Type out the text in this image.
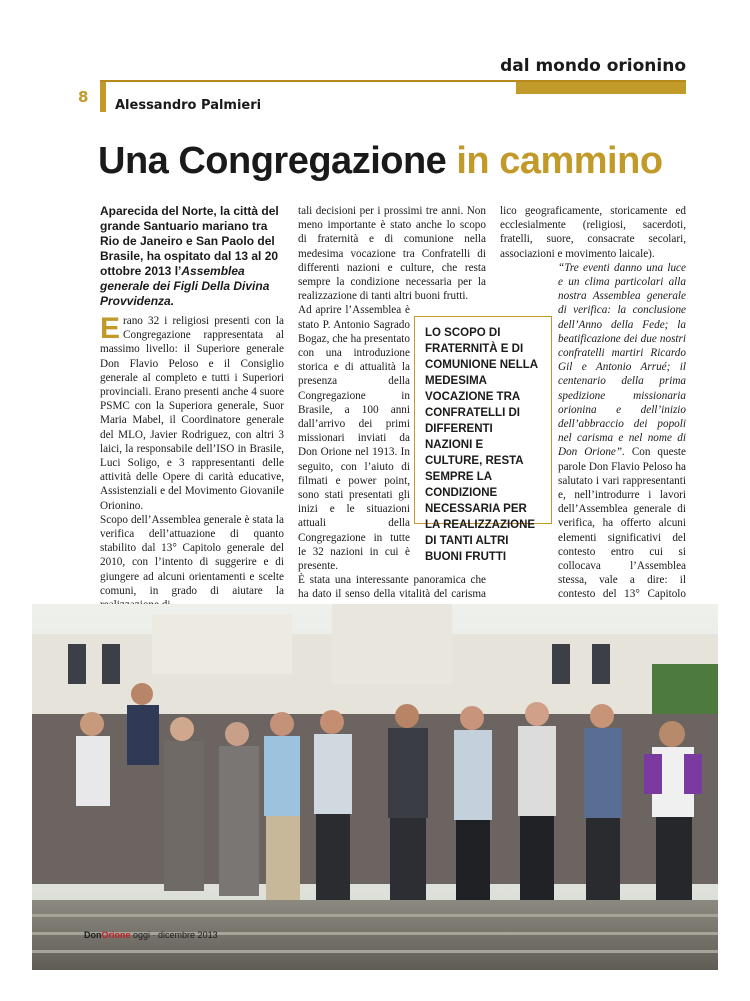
dal mondo orionino
8 Alessandro Palmieri
Una Congregazione in cammino
Aparecida del Norte, la città del grande Santuario mariano tra Rio de Janeiro e San Paolo del Brasile, ha ospitato dal 13 al 20 ottobre 2013 l’Assemblea generale dei Figli Della Divina Provvidenza.

Erano 32 i religiosi presenti con la Congregazione rappresentata al massimo livello: il Superiore generale Don Flavio Peloso e il Consiglio generale al completo e tutti i Superiori provinciali. Erano presenti anche 4 suore PSMC con la Superiora generale, Suor Maria Mabel, il Coordinatore generale del MLO, Javier Rodriguez, con altri 3 laici, la responsabile dell’ISO in Brasile, Luci Soligo, e 3 rappresentanti delle attività delle Opere di carità educative, Assistenziali e del Movimento Giovanile Orionino.

Scopo dell’Assemblea generale è stata la verifica dell’attuazione di quanto stabilito dal 13° Capitolo generale del 2010, con l’intento di suggerire e di giungere ad alcuni orientamenti e scelte comuni, in grado di aiutare la

tali decisioni per i prossimi tre anni. Non meno importante è stato anche lo scopo di fraternità e di comunione nella medesima vocazione tra Confratelli di differenti nazioni e culture, che resta sempre la condizione necessaria per la realizzazione di tanti altri buoni frutti.

Ad aprire l’Assemblea è stato P. Antonio Sagrado Bogaz, che ha presentato con una introduzione storica e di attualità la presenza della Congregazione in Brasile, a 100 anni dall’arrivo dei primi missionari inviati da Don Orione nel 1913. In seguito, con l’aiuto di filmati e power point, sono stati presentati gli inizi e le situazioni attuali della Congregazione in tutte le 32 nazioni in cui è presente.

È stata una interessante panoramica che ha dato il senso della vitalità del carisma

lico geograficamente, storicamente ed ecclesialmente (religiosi, sacerdoti, fratelli, suore, consacrate secolari, associazioni e movimento laicale).

“Tre eventi danno una luce e un clima particolari alla nostra Assemblea generale di verifica: la conclusione dell’Anno della Fede; la beatificazione dei due nostri confratelli martiri Ricardo Gil e Antonio Arrué; il centenario della prima spedizione missionaria orionina e dell’inizio dell’abbraccio dei popoli nel carisma e nel nome di Don Orione”. Con queste parole Don Flavio Peloso ha salutato i vari rappresentanti e, nell’introdurre i lavori dell’Assemblea generale di verifica, ha offerto alcuni elementi significativi del contesto entro cui si collocava l’Assemblea stessa, vale a dire: il contesto del 13° Capitolo

LO SCOPO DI FRATERNITÀ E DI COMUNIONE NELLA MEDESIMA VOCAZIONE TRA CONFRATELLI DI DIFFERENTI NAZIONI E CULTURE, RESTA SEMPRE LA CONDIZIONE NECESSARIA PER LA REALIZZAZIONE DI TANTI ALTRI BUONI FRUTTI
DonOrione oggi · dicembre 2013
